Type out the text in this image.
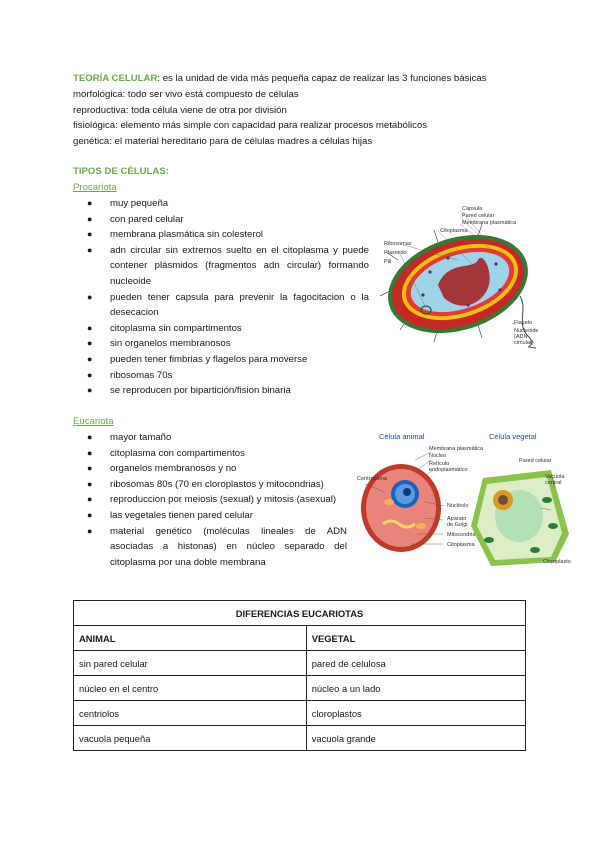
TEORÍA CELULAR: es la unidad de vida más pequeña capaz de realizar las 3 funciones básicas
morfológica: todo ser vivo está compuesto de células
reproductiva: toda célula viene de otra por división
fisiológica: elemento más simple con capacidad para realizar procesos metabólicos
genética: el material hereditario para de células madres a células hijas
TIPOS DE CÉLULAS:
Procariota
● muy pequeña
● con pared celular
● membrana plasmática sin colesterol
● adn circular sin extremos suelto en el citoplasma y puede contener plásmidos (fragmentos adn circular) formando nucleoide
● pueden tener capsula para prevenir la fagocitacion o la desecacion
● citoplasma sin compartimentos
● sin organelos membranosos
● pueden tener fimbrias y flagelos para moverse
● ribosomas 70s
● se reproducen por bipartición/fision binaria
Cápsula
Pared celular
Membrana plasmática
Citoplasma
Ribosomas
Plásmido
Pili
Flagelo
Nucleoide (ADN circular)
Eucariota
● mayor tamaño
● citoplasma con compartimentos
● organelos membranosos y no
● ribosomas 80s (70 en cloroplastos y mitocondrias)
● reproduccion por meiosis (sexual) y mitosis (asexual)
● las vegetales tienen pared celular
● material genético (moléculas lineales de ADN asociadas a histonas) en núcleo separado del citoplasma por una doble membrana
Célula animal	Célula vegetal
Membrana plasmática
Núcleo
Retículo endoplasmático
Pared celular
Vacuola central
Centrosoma
Nucléolo
Aparato de Golgi
Mitocondria
Citoplasma
Cloroplasto
DIFERENCIAS EUCARIOTAS	
ANIMAL	VEGETAL
sin pared celular	pared de celulosa
núcleo en el centro	núcleo a un lado
centriolos	cloroplastos
vacuola pequeña	vacuola grande
